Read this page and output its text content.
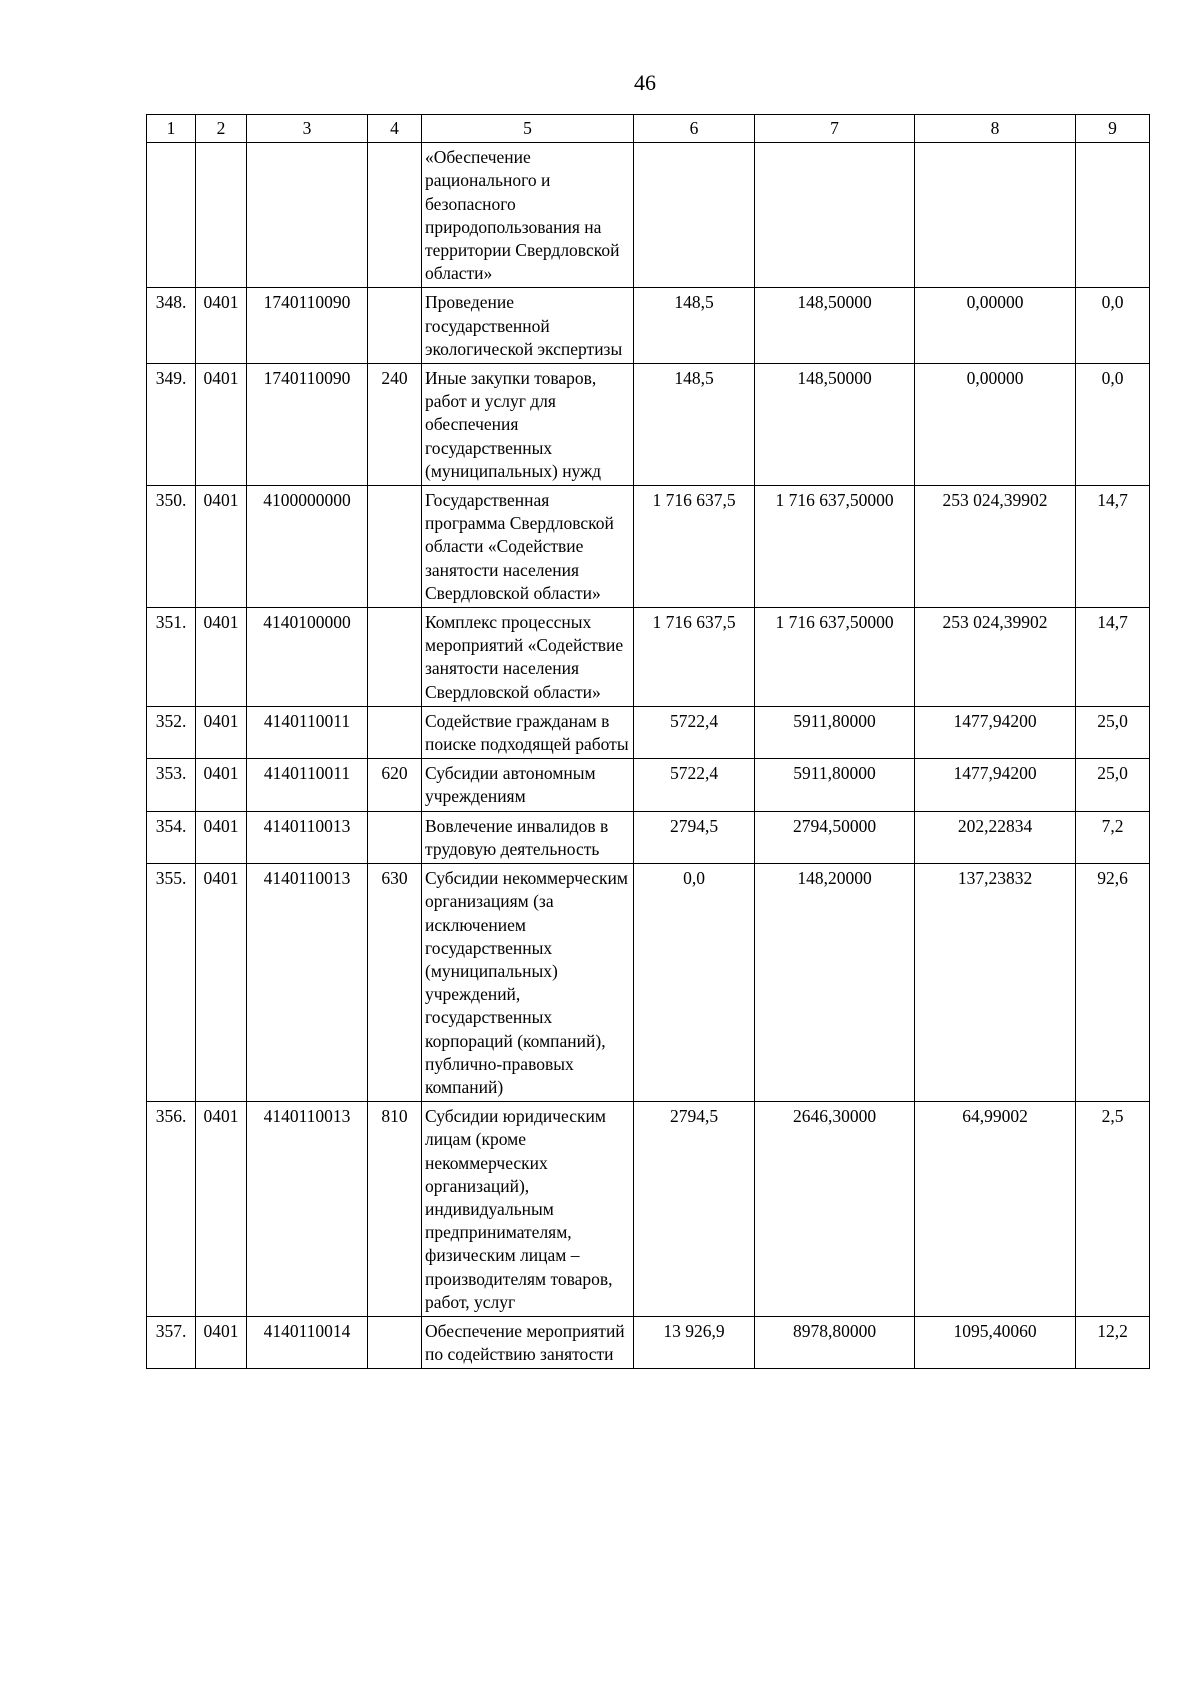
46
1	2	3	4	5	6	7	8	9
				«Обеспечение рационального и безопасного природопользования на территории Свердловской области»				
348.	0401	1740110090		Проведение государственной экологической экспертизы	148,5	148,50000	0,00000	0,0
349.	0401	1740110090	240	Иные закупки товаров, работ и услуг для обеспечения государственных (муниципальных) нужд	148,5	148,50000	0,00000	0,0
350.	0401	4100000000		Государственная программа Свердловской области «Содействие занятости населения Свердловской области»	1 716 637,5	1 716 637,50000	253 024,39902	14,7
351.	0401	4140100000		Комплекс процессных мероприятий «Содействие занятости населения Свердловской области»	1 716 637,5	1 716 637,50000	253 024,39902	14,7
352.	0401	4140110011		Содействие гражданам в поиске подходящей работы	5722,4	5911,80000	1477,94200	25,0
353.	0401	4140110011	620	Субсидии автономным учреждениям	5722,4	5911,80000	1477,94200	25,0
354.	0401	4140110013		Вовлечение инвалидов в трудовую деятельность	2794,5	2794,50000	202,22834	7,2
355.	0401	4140110013	630	Субсидии некоммерческим организациям (за исключением государственных (муниципальных) учреждений, государственных корпораций (компаний), публично-правовых компаний)	0,0	148,20000	137,23832	92,6
356.	0401	4140110013	810	Субсидии юридическим лицам (кроме некоммерческих организаций), индивидуальным предпринимателям, физическим лицам – производителям товаров, работ, услуг	2794,5	2646,30000	64,99002	2,5
357.	0401	4140110014		Обеспечение мероприятий по содействию занятости	13 926,9	8978,80000	1095,40060	12,2
